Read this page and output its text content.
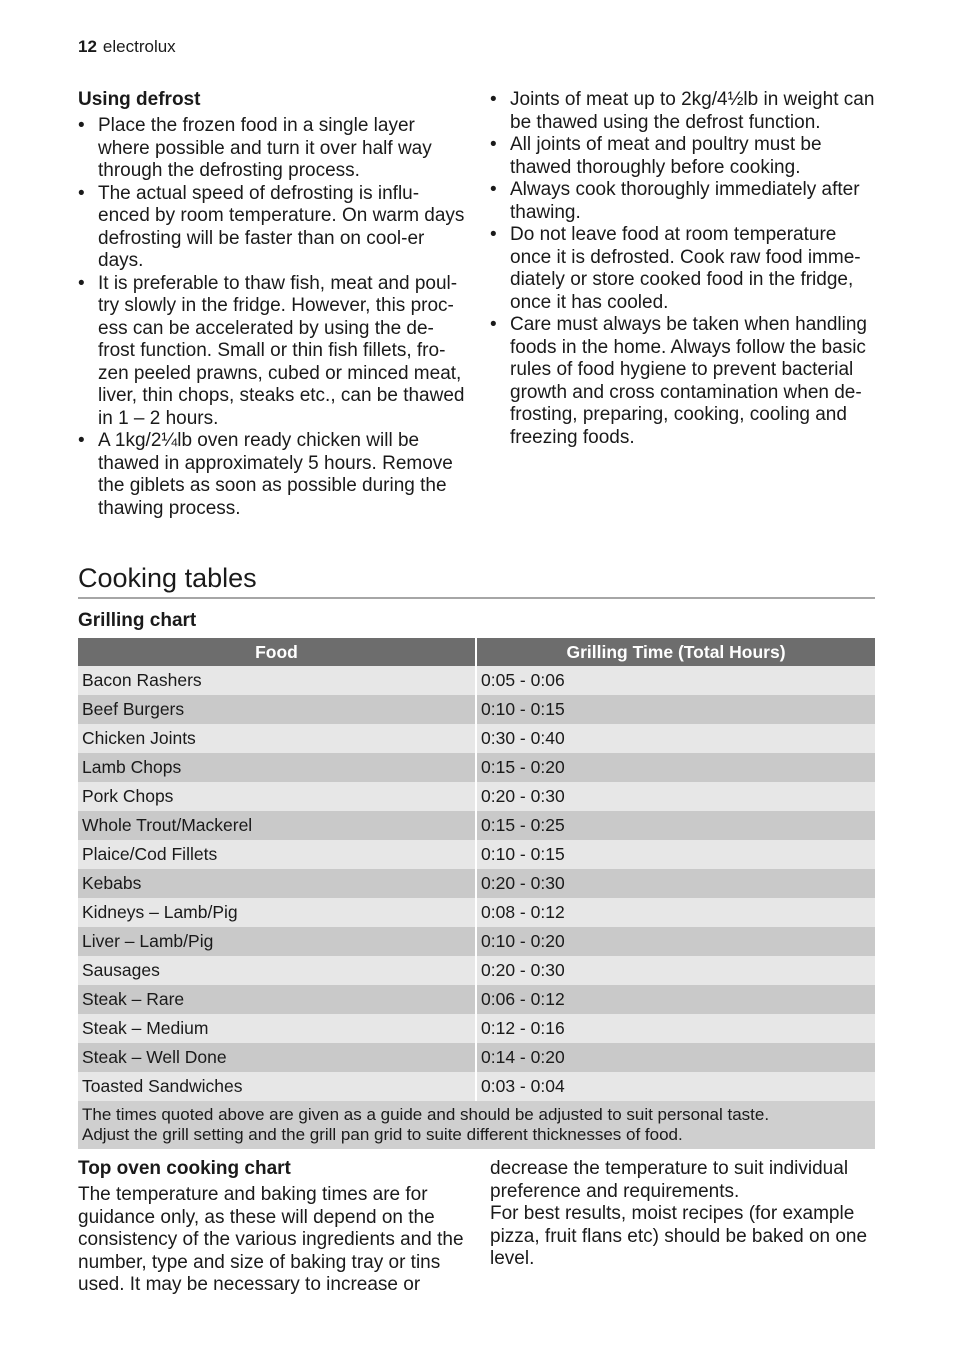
12 electrolux
Using defrost
• Place the frozen food in a single layer where possible and turn it over half way through the defrosting process.
• The actual speed of defrosting is influ-enced by room temperature. On warm days defrosting will be faster than on cool-er days.
• It is preferable to thaw fish, meat and poul-try slowly in the fridge. However, this proc-ess can be accelerated by using the de-frost function. Small or thin fish fillets, fro-zen peeled prawns, cubed or minced meat, liver, thin chops, steaks etc., can be thawed in 1 – 2 hours.
• A 1kg/2¼lb oven ready chicken will be thawed in approximately 5 hours. Remove the giblets as soon as possible during the thawing process.
• Joints of meat up to 2kg/4½lb in weight can be thawed using the defrost function.
• All joints of meat and poultry must be thawed thoroughly before cooking.
• Always cook thoroughly immediately after thawing.
• Do not leave food at room temperature once it is defrosted. Cook raw food imme-diately or store cooked food in the fridge, once it has cooled.
• Care must always be taken when handling foods in the home. Always follow the basic rules of food hygiene to prevent bacterial growth and cross contamination when de-frosting, preparing, cooking, cooling and freezing foods.
Cooking tables
Grilling chart
Food	Grilling Time (Total Hours)
Bacon Rashers	0:05 - 0:06
Beef Burgers	0:10 - 0:15
Chicken Joints	0:30 - 0:40
Lamb Chops	0:15 - 0:20
Pork Chops	0:20 - 0:30
Whole Trout/Mackerel	0:15 - 0:25
Plaice/Cod Fillets	0:10 - 0:15
Kebabs	0:20 - 0:30
Kidneys – Lamb/Pig	0:08 - 0:12
Liver – Lamb/Pig	0:10 - 0:20
Sausages	0:20 - 0:30
Steak – Rare	0:06 - 0:12
Steak – Medium	0:12 - 0:16
Steak – Well Done	0:14 - 0:20
Toasted Sandwiches	0:03 - 0:04

The times quoted above are given as a guide and should be adjusted to suit personal taste.
Adjust the grill setting and the grill pan grid to suite different thicknesses of food.	
Top oven cooking chart

The temperature and baking times are for guidance only, as these will depend on the consistency of the various ingredients and the number, type and size of baking tray or tins used. It may be necessary to increase or

decrease the temperature to suit individual preference and requirements.

For best results, moist recipes (for example pizza, fruit flans etc) should be baked on one level.
